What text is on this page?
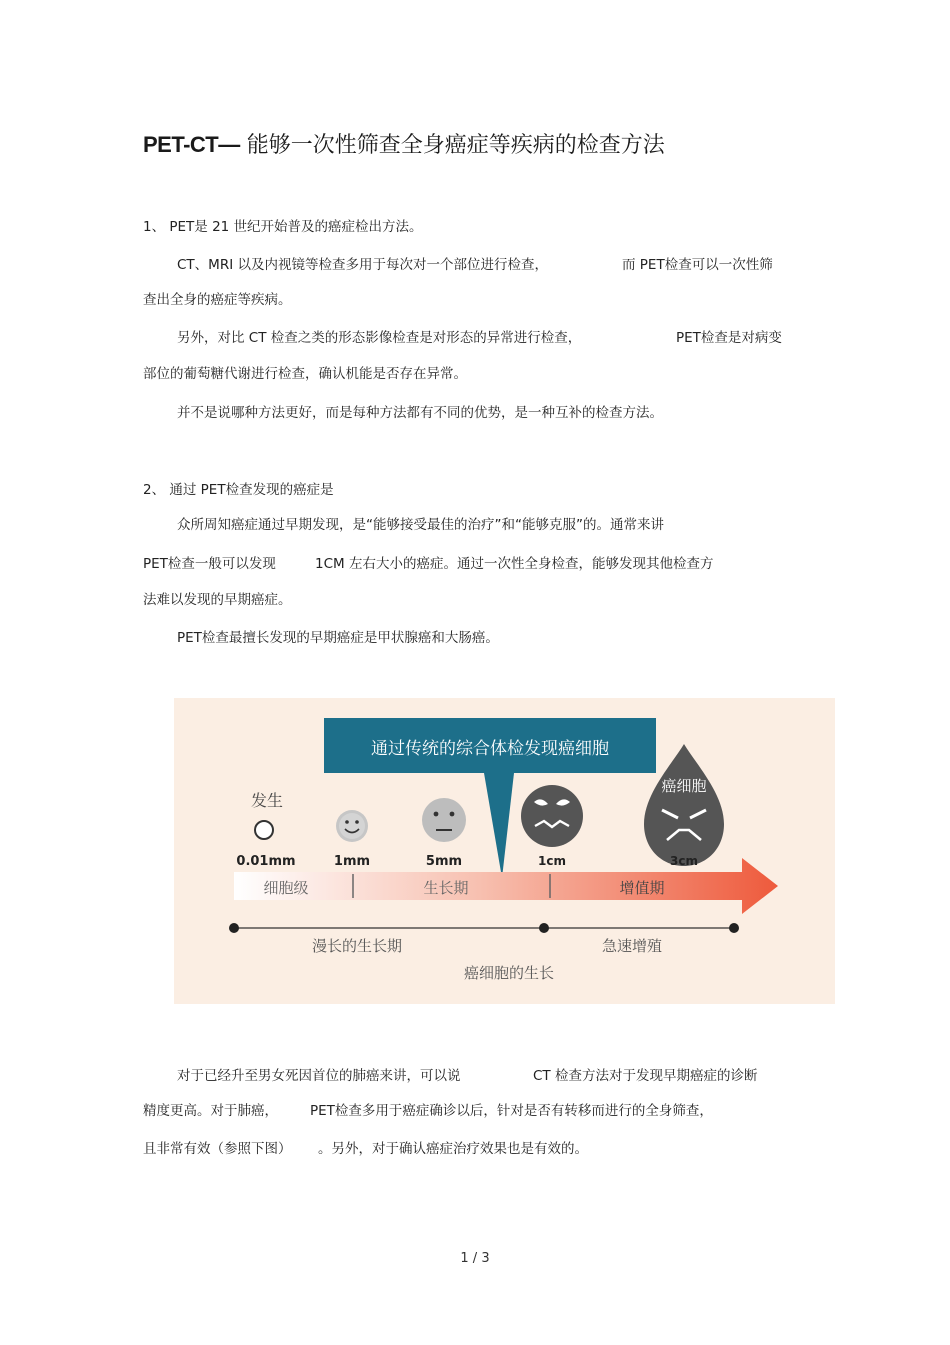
PET-CT— 能够一次性筛查全身癌症等疾病的检查方法
1、 PET是 21 世纪开始普及的癌症检出方法。
CT、MRI 以及内视镜等检查多用于每次对一个部位进行检查，	而 PET检查可以一次性筛
查出全身的癌症等疾病。
另外，对比 CT 检查之类的形态影像检查是对形态的异常进行检查，	PET检查是对病变
部位的葡萄糖代谢进行检查，确认机能是否存在异常。
并不是说哪种方法更好，而是每种方法都有不同的优势，是一种互补的检查方法。
2、 通过 PET检查发现的癌症是
众所周知癌症通过早期发现，是“能够接受最佳的治疗”和“能够克服”的。通常来讲
PET检查一般可以发现	1CM 左右大小的癌症。通过一次性全身检查，能够发现其他检查方
法难以发现的早期癌症。
PET检查最擅长发现的早期癌症是甲状腺癌和大肠癌。
通过传统的综合体检发现癌细胞
发生
癌细胞
0.01mm	1mm	5mm	1cm	3cm
细胞级	生长期	增值期
漫长的生长期	急速增殖
癌细胞的生长
对于已经升至男女死因首位的肺癌来讲，可以说	CT 检查方法对于发现早期癌症的诊断
精度更高。对于肺癌， PET检查多用于癌症确诊以后，针对是否有转移而进行的全身筛查，
且非常有效（参照下图） 。另外，对于确认癌症治疗效果也是有效的。
1 / 3
